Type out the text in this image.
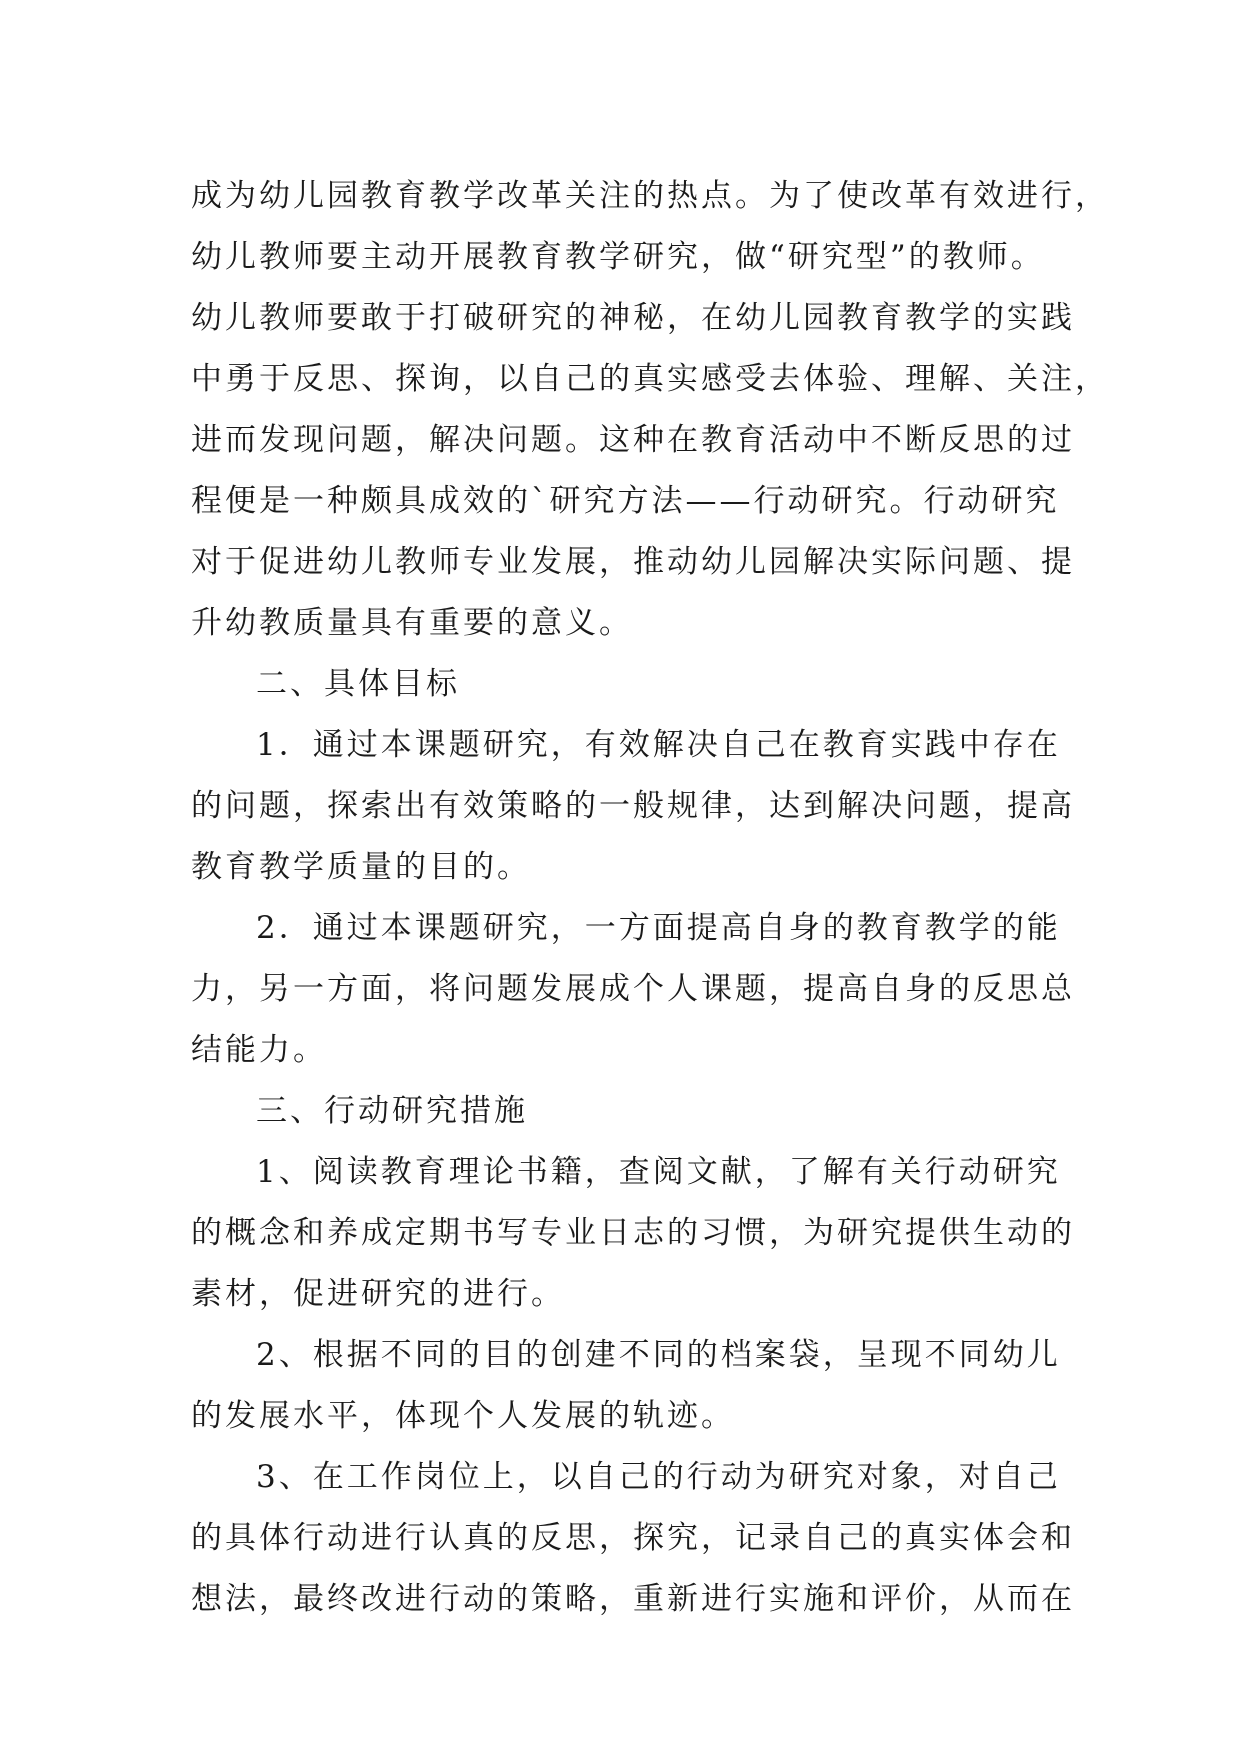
成为幼儿园教育教学改革关注的热点。为了使改革有效进行，
幼儿教师要主动开展教育教学研究，做“研究型”的教师。
幼儿教师要敢于打破研究的神秘，在幼儿园教育教学的实践
中勇于反思、探询，以自己的真实感受去体验、理解、关注，
进而发现问题，解决问题。这种在教育活动中不断反思的过
程便是一种颇具成效的`研究方法——行动研究。行动研究
对于促进幼儿教师专业发展，推动幼儿园解决实际问题、提
升幼教质量具有重要的意义。
二、具体目标
1．通过本课题研究，有效解决自己在教育实践中存在
的问题，探索出有效策略的一般规律，达到解决问题，提高
教育教学质量的目的。
2．通过本课题研究，一方面提高自身的教育教学的能
力，另一方面，将问题发展成个人课题，提高自身的反思总
结能力。
三、行动研究措施
1、阅读教育理论书籍，查阅文献，了解有关行动研究
的概念和养成定期书写专业日志的习惯，为研究提供生动的
素材，促进研究的进行。
2、根据不同的目的创建不同的档案袋，呈现不同幼儿
的发展水平，体现个人发展的轨迹。
3、在工作岗位上，以自己的行动为研究对象，对自己
的具体行动进行认真的反思，探究，记录自己的真实体会和
想法，最终改进行动的策略，重新进行实施和评价，从而在
